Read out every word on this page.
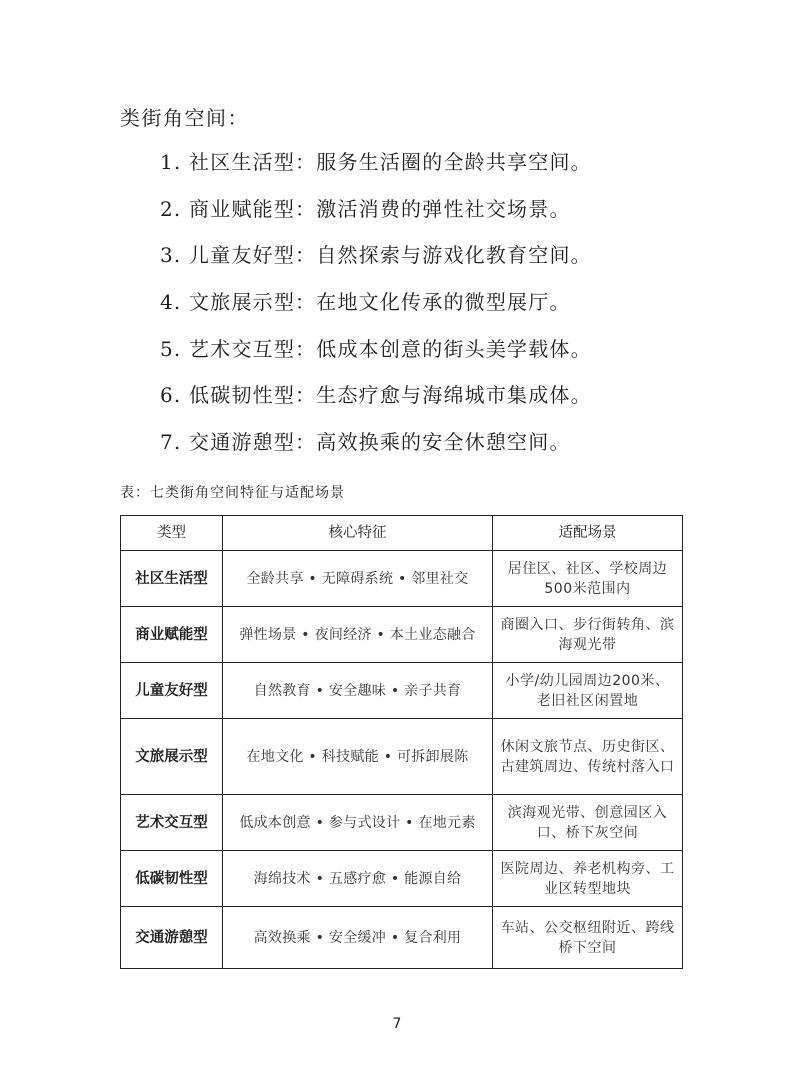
类街角空间：
1. 社区生活型：服务生活圈的全龄共享空间。
2. 商业赋能型：激活消费的弹性社交场景。
3. 儿童友好型：自然探索与游戏化教育空间。
4. 文旅展示型：在地文化传承的微型展厅。
5. 艺术交互型：低成本创意的街头美学载体。
6. 低碳韧性型：生态疗愈与海绵城市集成体。
7. 交通游憩型：高效换乘的安全休憩空间。
表：七类街角空间特征与适配场景
类型	核心特征	适配场景
社区生活型	全龄共享 • 无障碍系统 • 邻里社交	居住区、社区、学校周边500米范围内
商业赋能型	弹性场景 • 夜间经济 • 本土业态融合	商圈入口、步行街转角、滨海观光带
儿童友好型	自然教育 • 安全趣味 • 亲子共育	小学/幼儿园周边200米、老旧社区闲置地
文旅展示型	在地文化 • 科技赋能 • 可拆卸展陈	休闲文旅节点、历史街区、古建筑周边、传统村落入口
艺术交互型	低成本创意 • 参与式设计 • 在地元素	滨海观光带、创意园区入口、桥下灰空间
低碳韧性型	海绵技术 • 五感疗愈 • 能源自给	医院周边、养老机构旁、工业区转型地块
交通游憩型	高效换乘 • 安全缓冲 • 复合利用	车站、公交枢纽附近、跨线桥下空间
7
